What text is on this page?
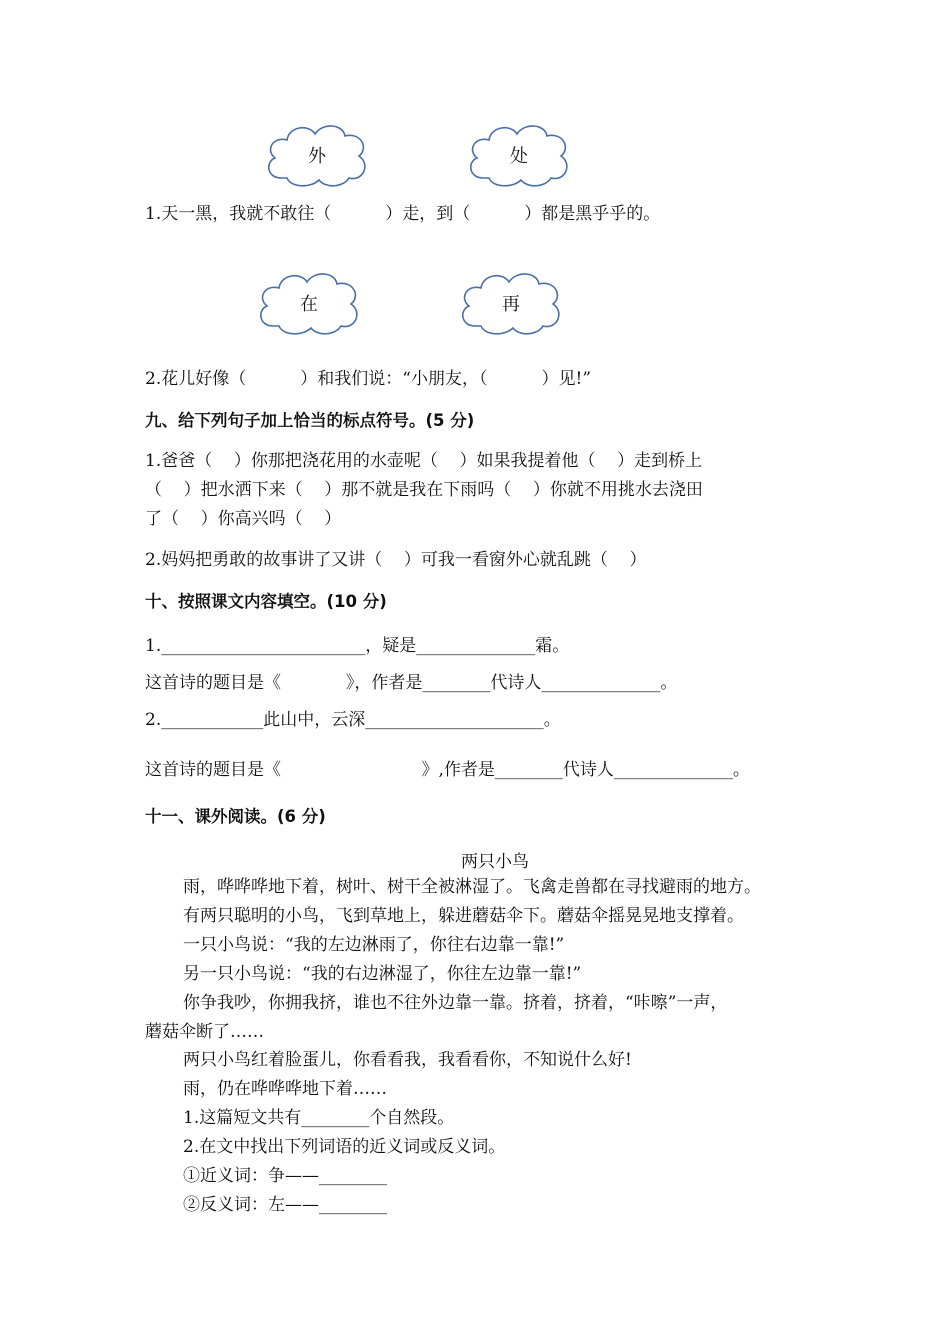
外	处
1.天一黑，我就不敢往（          ）走，到（          ）都是黑乎乎的。
在	再
2.花儿好像（          ）和我们说：“小朋友，（          ）见!”
九、给下列句子加上恰当的标点符号。(5 分)
1.爸爸（    ）你那把浇花用的水壶呢（    ）如果我提着他（    ）走到桥上
（    ）把水洒下来（    ）那不就是我在下雨吗（    ）你就不用挑水去浇田
了（    ）你高兴吗（    ）
2.妈妈把勇敢的故事讲了又讲（    ）可我一看窗外心就乱跳（    ）
十、按照课文内容填空。(10 分)
1.________________________，疑是______________霜。
这首诗的题目是《            》，作者是________代诗人______________。
2.____________此山中，云深_____________________。
这首诗的题目是《                          》,作者是________代诗人______________。
十一、课外阅读。(6 分)
两只小鸟
雨，哗哗哗地下着，树叶、树干全被淋湿了。飞禽走兽都在寻找避雨的地方。
有两只聪明的小鸟，飞到草地上，躲进蘑菇伞下。蘑菇伞摇晃晃地支撑着。
一只小鸟说：“我的左边淋雨了，你往右边靠一靠!”
另一只小鸟说：“我的右边淋湿了，你往左边靠一靠!”
你争我吵，你拥我挤，谁也不往外边靠一靠。挤着，挤着，“咔嚓”一声，
蘑菇伞断了……
两只小鸟红着脸蛋儿，你看看我，我看看你，不知说什么好!
雨，仍在哗哗哗地下着……
1.这篇短文共有________个自然段。
2.在文中找出下列词语的近义词或反义词。
①近义词：争——________
②反义词：左——________
